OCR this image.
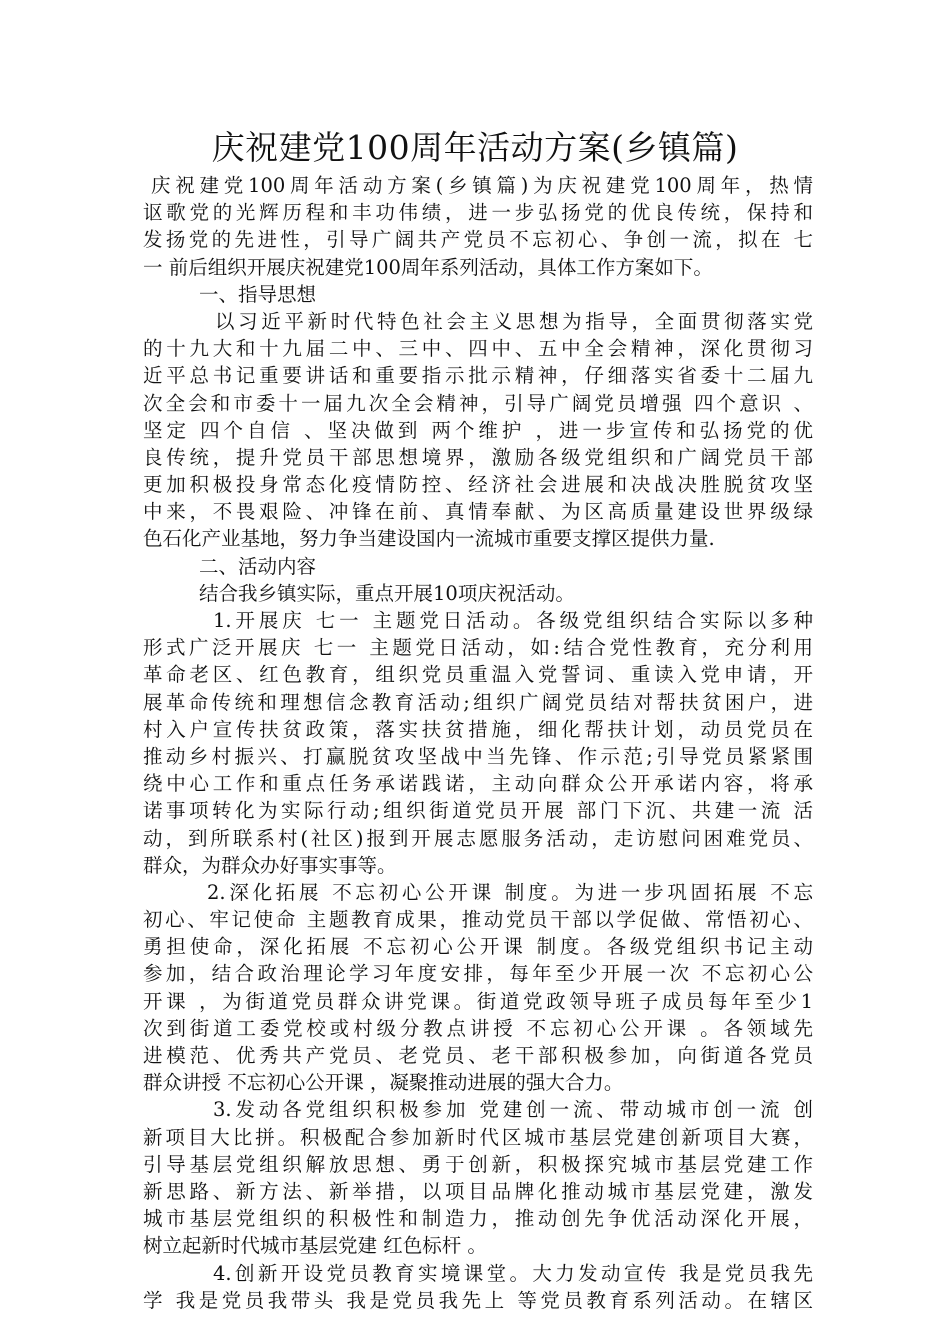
庆祝建党100周年活动方案(乡镇篇)
庆祝建党100周年活动方案(乡镇篇)为庆祝建党100周年，热情
讴歌党的光辉历程和丰功伟绩，进一步弘扬党的优良传统，保持和
发扬党的先进性，引导广阔共产党员不忘初心、争创一流，拟在 七
一 前后组织开展庆祝建党100周年系列活动，具体工作方案如下。
一、指导思想
以习近平新时代特色社会主义思想为指导，全面贯彻落实党
的十九大和十九届二中、三中、四中、五中全会精神，深化贯彻习
近平总书记重要讲话和重要指示批示精神，仔细落实省委十二届九
次全会和市委十一届九次全会精神，引导广阔党员增强 四个意识 、
坚定 四个自信 、坚决做到 两个维护 ，进一步宣传和弘扬党的优
良传统，提升党员干部思想境界，激励各级党组织和广阔党员干部
更加积极投身常态化疫情防控、经济社会进展和决战决胜脱贫攻坚
中来，不畏艰险、冲锋在前、真情奉献、为区高质量建设世界级绿
色石化产业基地，努力争当建设国内一流城市重要支撑区提供力量.
二、活动内容
结合我乡镇实际，重点开展10项庆祝活动。
1.开展庆 七一 主题党日活动。各级党组织结合实际以多种
形式广泛开展庆 七一 主题党日活动，如:结合党性教育，充分利用
革命老区、红色教育，组织党员重温入党誓词、重读入党申请，开
展革命传统和理想信念教育活动;组织广阔党员结对帮扶贫困户，进
村入户宣传扶贫政策，落实扶贫措施，细化帮扶计划，动员党员在
推动乡村振兴、打赢脱贫攻坚战中当先锋、作示范;引导党员紧紧围
绕中心工作和重点任务承诺践诺，主动向群众公开承诺内容，将承
诺事项转化为实际行动;组织街道党员开展 部门下沉、共建一流 活
动，到所联系村(社区)报到开展志愿服务活动，走访慰问困难党员、
群众，为群众办好事实事等。
2.深化拓展 不忘初心公开课 制度。为进一步巩固拓展 不忘
初心、牢记使命 主题教育成果，推动党员干部以学促做、常悟初心、
勇担使命，深化拓展 不忘初心公开课 制度。各级党组织书记主动
参加，结合政治理论学习年度安排，每年至少开展一次 不忘初心公
开课 ，为街道党员群众讲党课。街道党政领导班子成员每年至少1
次到街道工委党校或村级分教点讲授 不忘初心公开课 。各领域先
进模范、优秀共产党员、老党员、老干部积极参加，向街道各党员
群众讲授 不忘初心公开课 ，凝聚推动进展的强大合力。
3.发动各党组织积极参加 党建创一流、带动城市创一流 创
新项目大比拼。积极配合参加新时代区城市基层党建创新项目大赛，
引导基层党组织解放思想、勇于创新，积极探究城市基层党建工作
新思路、新方法、新举措，以项目品牌化推动城市基层党建，激发
城市基层党组织的积极性和制造力，推动创先争优活动深化开展，
树立起新时代城市基层党建 红色标杆 。
4.创新开设党员教育实境课堂。大力发动宣传 我是党员我先
学 我是党员我带头 我是党员我先上 等党员教育系列活动。在辖区
